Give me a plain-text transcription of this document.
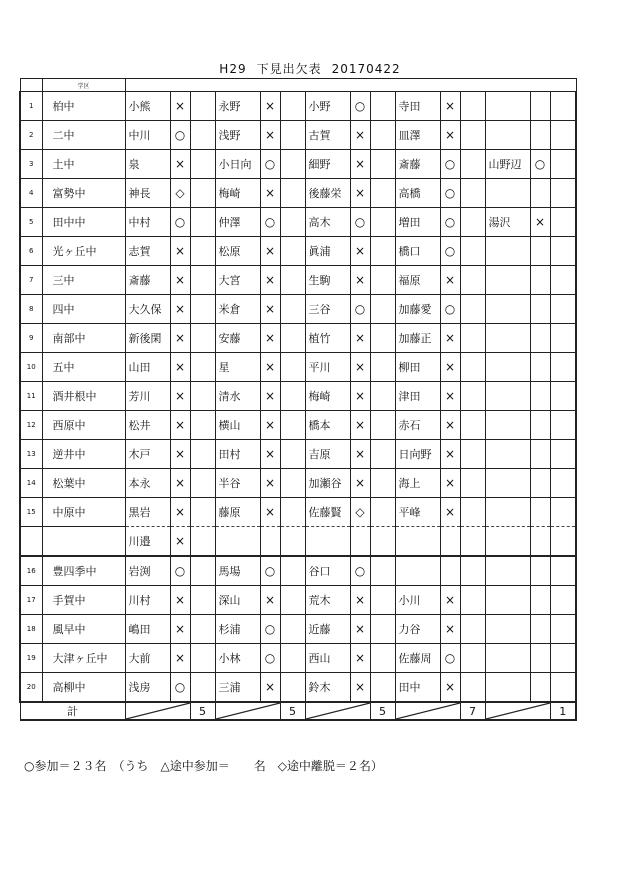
H29 下見出欠表 20170422
	学区															
1	柏中	小熊	×		永野	×		小野	○		寺田	×				
2	二中	中川	○		浅野	×		古賀	×		皿澤	×				
3	土中	泉	×		小日向	○		細野	×		斎藤	○		山野辺	○	
4	富勢中	神長	◇		梅崎	×		後藤栄	×		高橋	○				
5	田中中	中村	○		仲澤	○		高木	○		増田	○		湯沢	×	
6	光ヶ丘中	志賀	×		松原	×		眞浦	×		橋口	○				
7	三中	斎藤	×		大宮	×		生駒	×		福原	×				
8	四中	大久保	×		米倉	×		三谷	○		加藤愛	○				
9	南部中	新後閑	×		安藤	×		植竹	×		加藤正	×				
10	五中	山田	×		星	×		平川	×		柳田	×				
11	酒井根中	芳川	×		清水	×		梅崎	×		津田	×				
12	西原中	松井	×		横山	×		橋本	×		赤石	×				
13	逆井中	木戸	×		田村	×		吉原	×		日向野	×				
14	松葉中	本永	×		半谷	×		加瀬谷	×		海上	×				
15	中原中	黒岩	×		藤原	×		佐藤賢	◇		平峰	×				
		川邉	×													
16	豊四季中	岩渕	○		馬場	○		谷口	○							
17	手賀中	川村	×		深山	×		荒木	×		小川	×				
18	風早中	嶋田	×		杉浦	○		近藤	×		力谷	×				
19	大津ヶ丘中	大前	×		小林	○		西山	×		佐藤周	○				
20	高柳中	浅房	○		三浦	×		鈴木	×		田中	×				
計				5			5			5			7			1
○参加＝２３名　（うち　△途中参加＝　　名　◇途中離脱＝２名）
